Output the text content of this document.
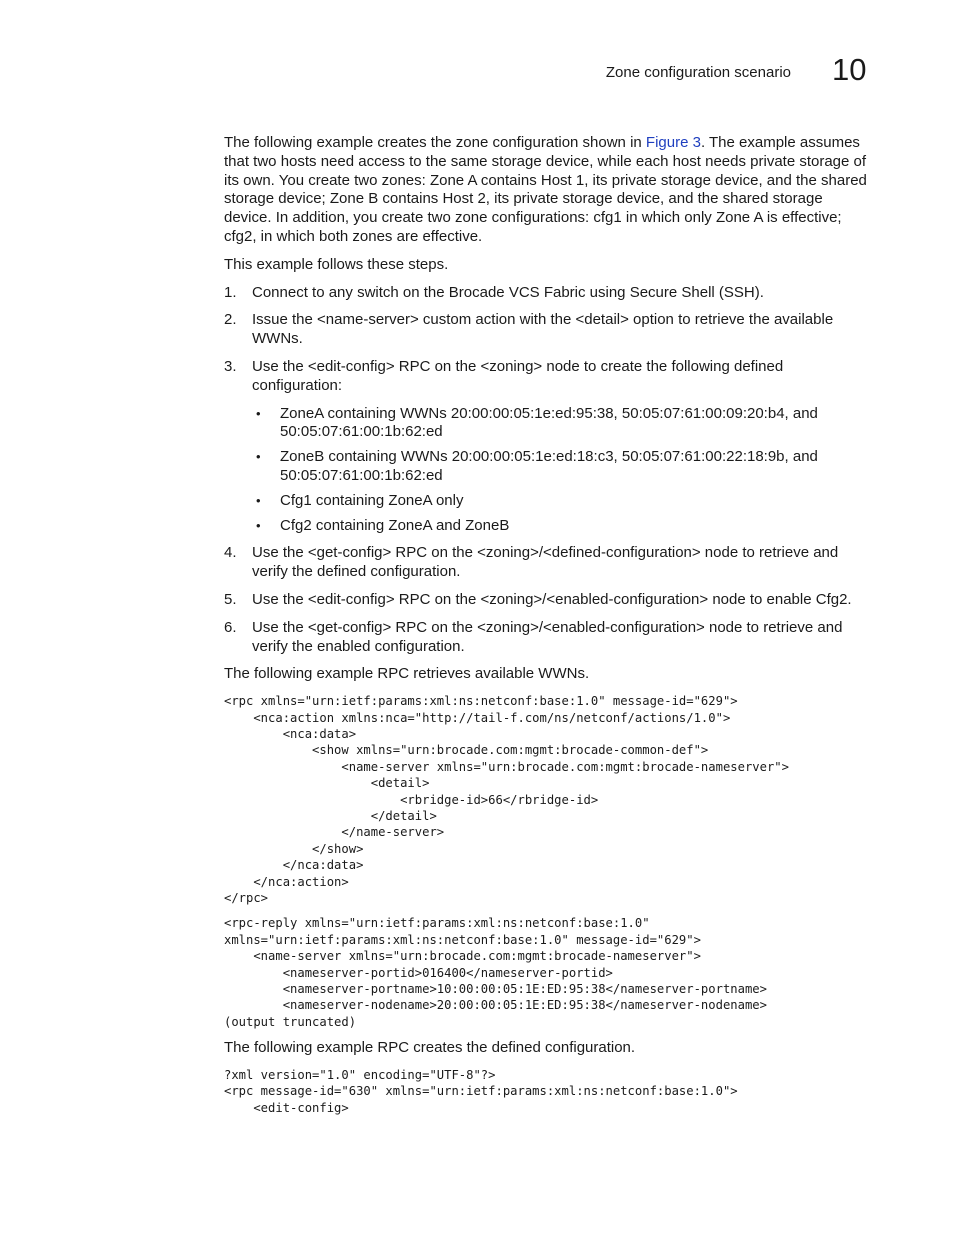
Zone configuration scenario 10

The following example creates the zone configuration shown in Figure 3. The example assumes that two hosts need access to the same storage device, while each host needs private storage of its own. You create two zones: Zone A contains Host 1, its private storage device, and the shared storage device; Zone B contains Host 2, its private storage device, and the shared storage device. In addition, you create two zone configurations: cfg1 in which only Zone A is effective; cfg2, in which both zones are effective.

This example follows these steps.

1. Connect to any switch on the Brocade VCS Fabric using Secure Shell (SSH).
2. Issue the <name-server> custom action with the <detail> option to retrieve the available WWNs.
3. Use the <edit-config> RPC on the <zoning> node to create the following defined configuration:
• ZoneA containing WWNs 20:00:00:05:1e:ed:95:38, 50:05:07:61:00:09:20:b4, and 50:05:07:61:00:1b:62:ed
• ZoneB containing WWNs 20:00:00:05:1e:ed:18:c3, 50:05:07:61:00:22:18:9b, and 50:05:07:61:00:1b:62:ed
• Cfg1 containing ZoneA only
• Cfg2 containing ZoneA and ZoneB
4. Use the <get-config> RPC on the <zoning>/<defined-configuration> node to retrieve and verify the defined configuration.
5. Use the <edit-config> RPC on the <zoning>/<enabled-configuration> node to enable Cfg2.
6. Use the <get-config> RPC on the <zoning>/<enabled-configuration> node to retrieve and verify the enabled configuration.

The following example RPC retrieves available WWNs.

<rpc xmlns="urn:ietf:params:xml:ns:netconf:base:1.0" message-id="629">
<nca:action xmlns:nca="http://tail-f.com/ns/netconf/actions/1.0">
<nca:data>
<show xmlns="urn:brocade.com:mgmt:brocade-common-def">
<name-server xmlns="urn:brocade.com:mgmt:brocade-nameserver">
<detail>
<rbridge-id>66</rbridge-id>
</detail>
</name-server>
</show>
</nca:data>
</nca:action>
</rpc>
<rpc-reply xmlns="urn:ietf:params:xml:ns:netconf:base:1.0"
xmlns="urn:ietf:params:xml:ns:netconf:base:1.0" message-id="629">
<name-server xmlns="urn:brocade.com:mgmt:brocade-nameserver">
<nameserver-portid>016400</nameserver-portid>
<nameserver-portname>10:00:00:05:1E:ED:95:38</nameserver-portname>
<nameserver-nodename>20:00:00:05:1E:ED:95:38</nameserver-nodename>
(output truncated)

The following example RPC creates the defined configuration.

?xml version="1.0" encoding="UTF-8"?>
<rpc message-id="630" xmlns="urn:ietf:params:xml:ns:netconf:base:1.0">
<edit-config>
